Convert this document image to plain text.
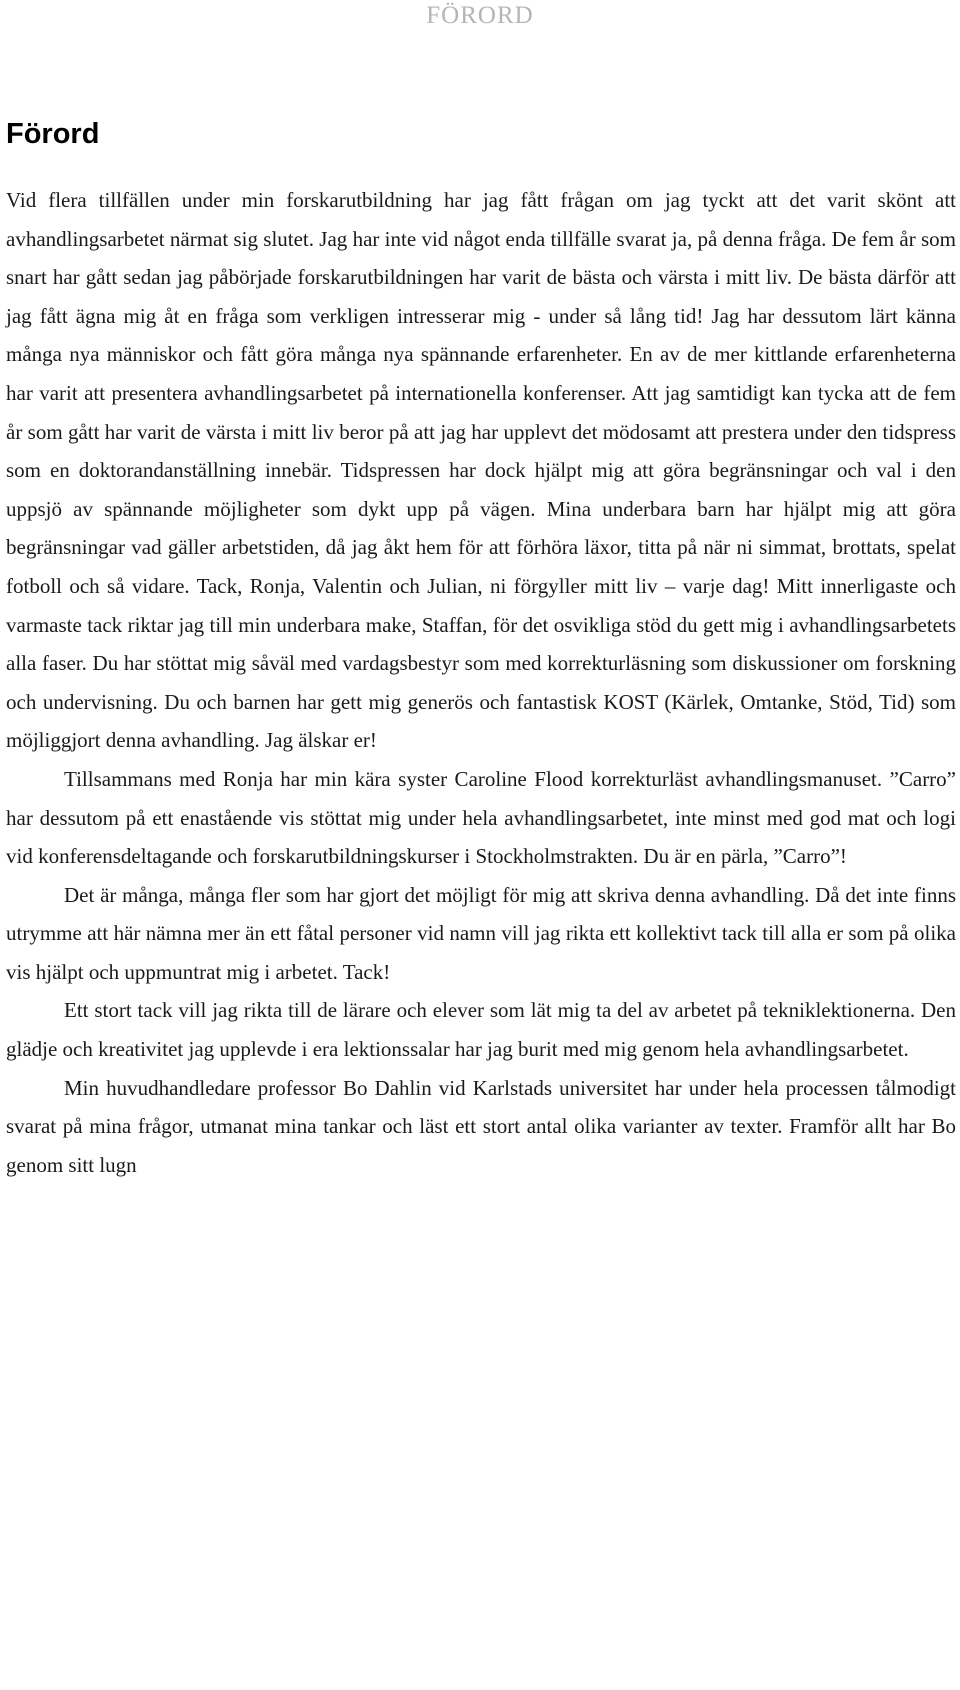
FÖRORD
Förord

Vid flera tillfällen under min forskarutbildning har jag fått frågan om jag tyckt att det varit skönt att avhandlingsarbetet närmat sig slutet. Jag har inte vid något enda tillfälle svarat ja, på denna fråga. De fem år som snart har gått sedan jag påbörjade forskarutbildningen har varit de bästa och värsta i mitt liv. De bästa därför att jag fått ägna mig åt en fråga som verkligen intresserar mig - under så lång tid! Jag har dessutom lärt känna många nya människor och fått göra många nya spännande erfarenheter. En av de mer kittlande erfarenheterna har varit att presentera avhandlingsarbetet på internationella konferenser. Att jag samtidigt kan tycka att de fem år som gått har varit de värsta i mitt liv beror på att jag har upplevt det mödosamt att prestera under den tidspress som en doktorandanställning innebär. Tidspressen har dock hjälpt mig att göra begränsningar och val i den uppsjö av spännande möjligheter som dykt upp på vägen. Mina underbara barn har hjälpt mig att göra begränsningar vad gäller arbetstiden, då jag åkt hem för att förhöra läxor, titta på när ni simmat, brottats, spelat fotboll och så vidare. Tack, Ronja, Valentin och Julian, ni förgyller mitt liv – varje dag! Mitt innerligaste och varmaste tack riktar jag till min underbara make, Staffan, för det osvikliga stöd du gett mig i avhandlingsarbetets alla faser. Du har stöttat mig såväl med vardagsbestyr som med korrekturläsning som diskussioner om forskning och undervisning. Du och barnen har gett mig generös och fantastisk KOST (Kärlek, Omtanke, Stöd, Tid) som möjliggjort denna avhandling. Jag älskar er!

Tillsammans med Ronja har min kära syster Caroline Flood korrekturläst avhandlingsmanuset. ”Carro” har dessutom på ett enastående vis stöttat mig under hela avhandlingsarbetet, inte minst med god mat och logi vid konferensdeltagande och forskarutbildningskurser i Stockholmstrakten. Du är en pärla, ”Carro”!

Det är många, många fler som har gjort det möjligt för mig att skriva denna avhandling. Då det inte finns utrymme att här nämna mer än ett fåtal personer vid namn vill jag rikta ett kollektivt tack till alla er som på olika vis hjälpt och uppmuntrat mig i arbetet. Tack!

Ett stort tack vill jag rikta till de lärare och elever som lät mig ta del av arbetet på tekniklektionerna. Den glädje och kreativitet jag upplevde i era lektionssalar har jag burit med mig genom hela avhandlingsarbetet.

Min huvudhandledare professor Bo Dahlin vid Karlstads universitet har under hela processen tålmodigt svarat på mina frågor, utmanat mina tankar och läst ett stort antal olika varianter av texter. Framför allt har Bo genom sitt lugn
